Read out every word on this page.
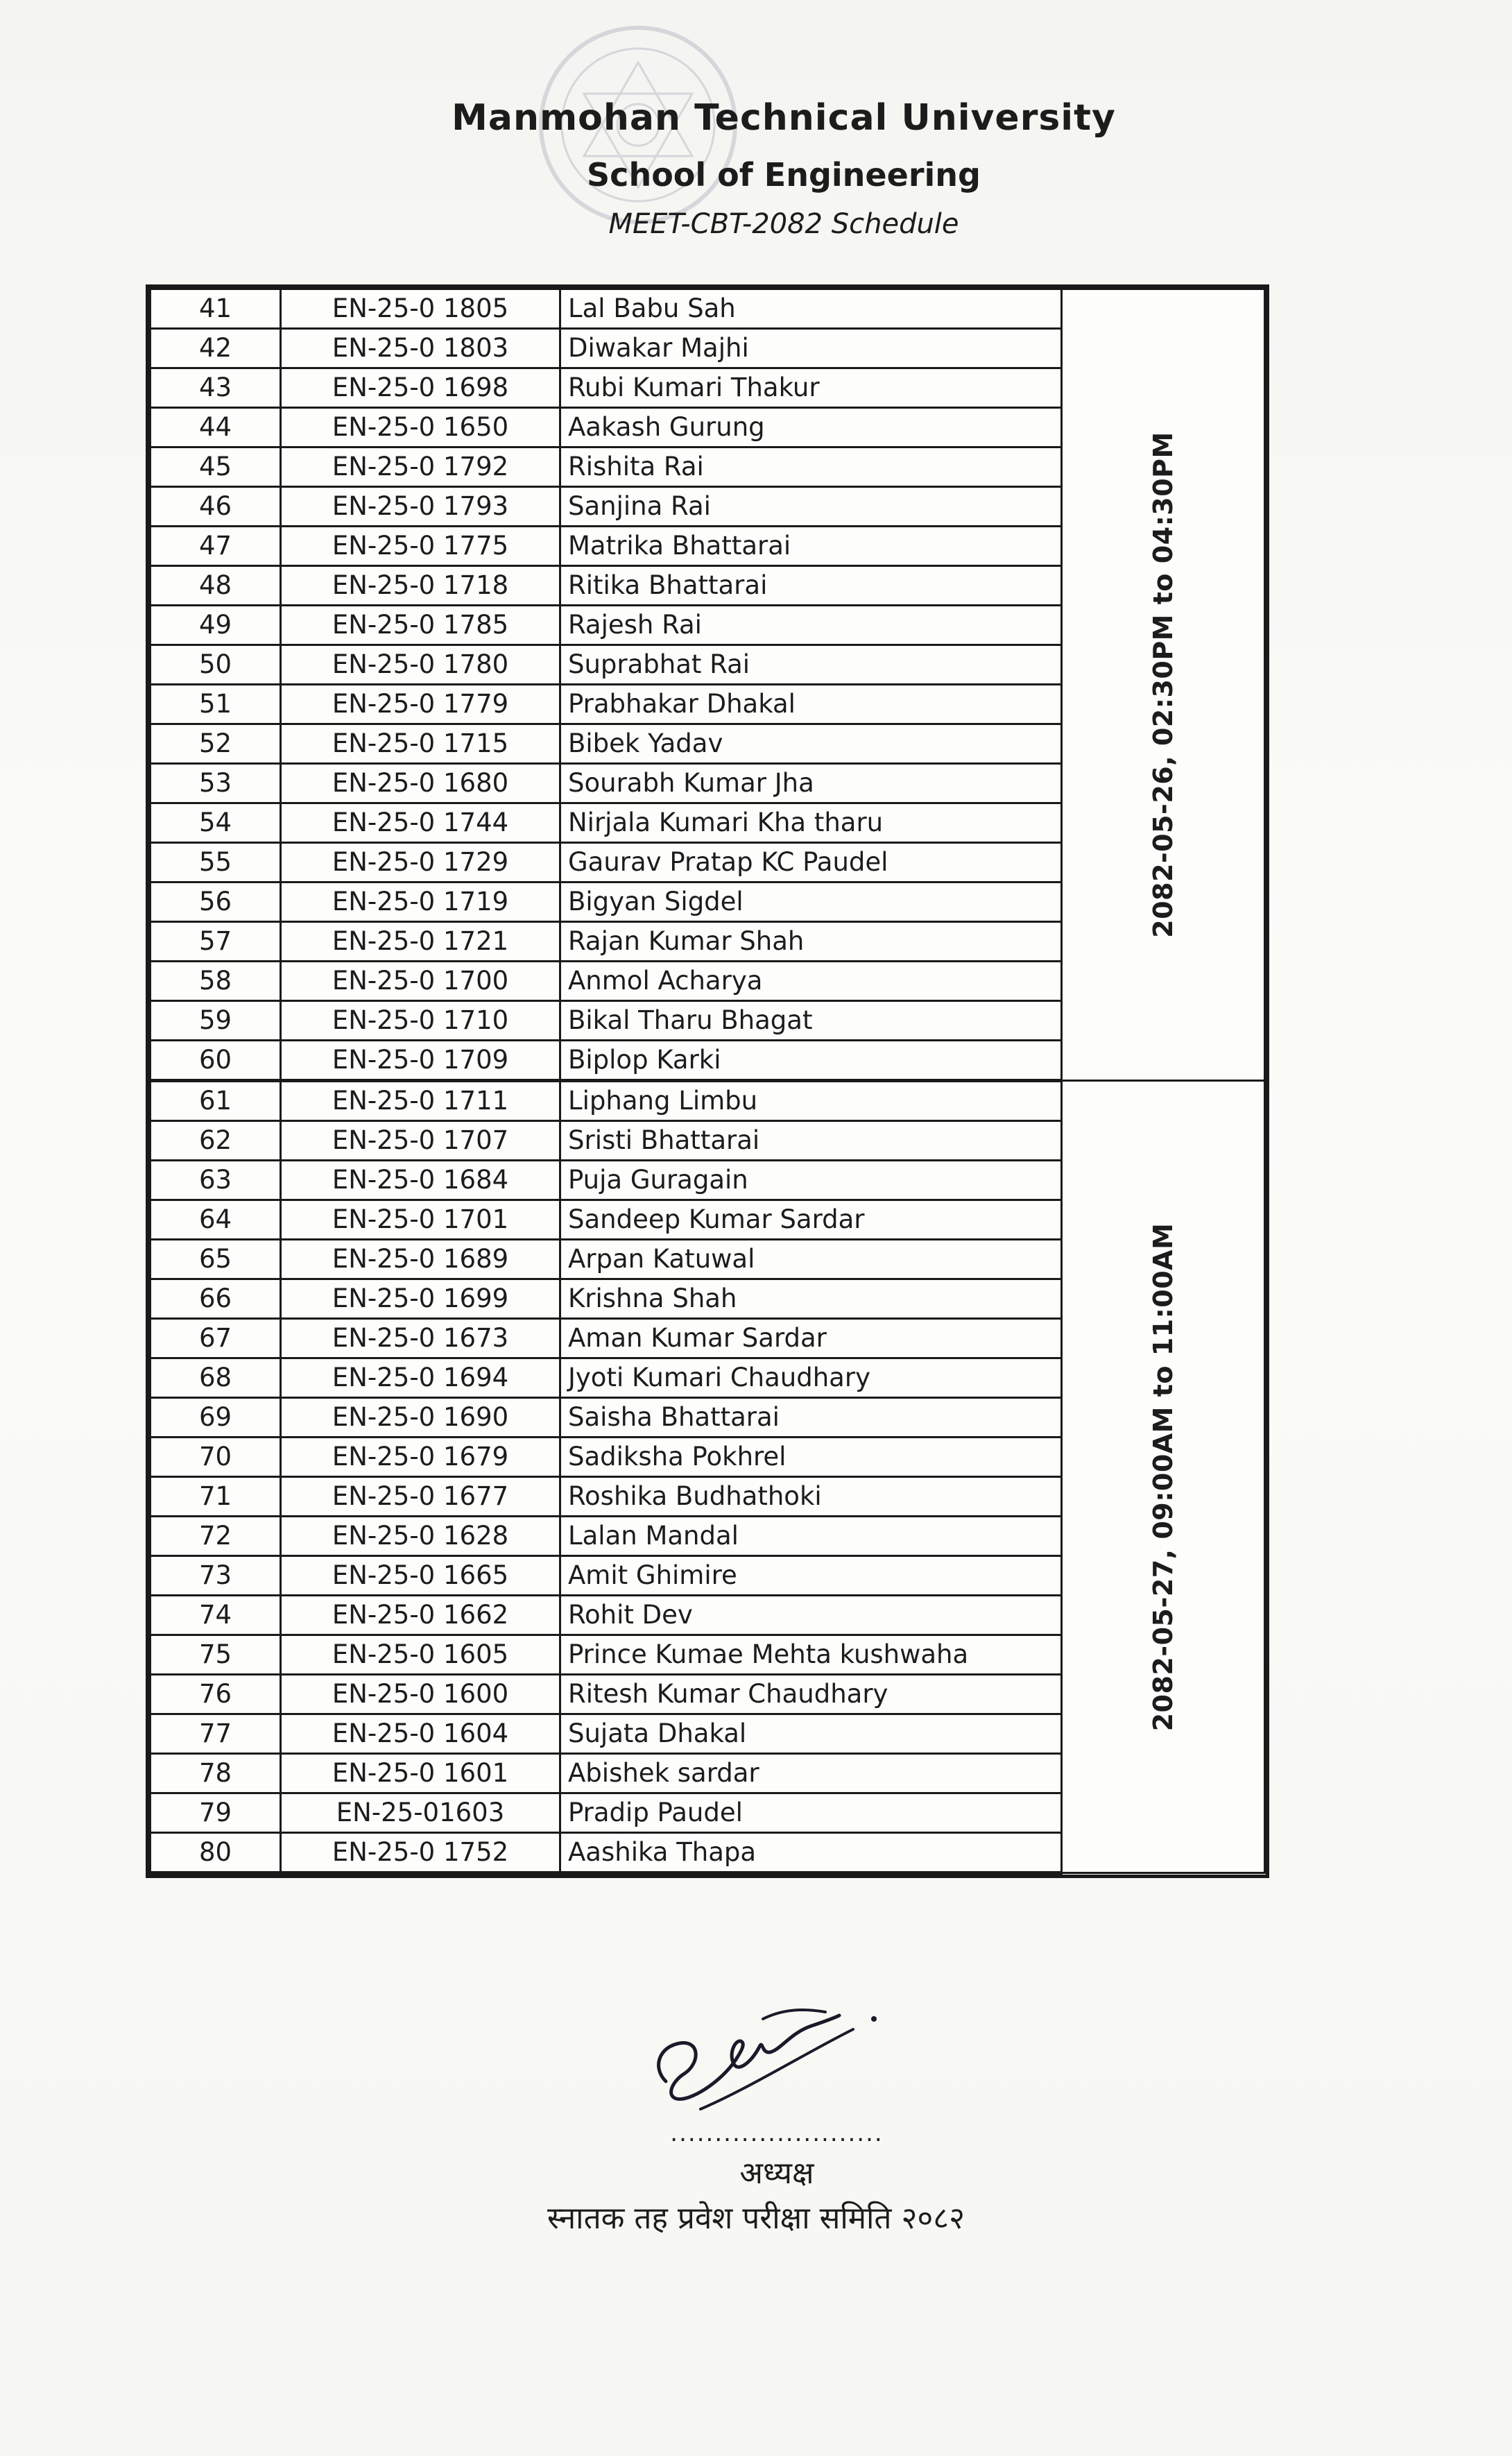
Manmohan Technical University
School of Engineering
MEET-CBT-2082 Schedule
41	EN-25-0 1805	Lal Babu Sah	2082-05-26, 02:30PM to 04:30PM

42	EN-25-0 1803	Diwakar Majhi	
43	EN-25-0 1698	Rubi Kumari Thakur	
44	EN-25-0 1650	Aakash Gurung	
45	EN-25-0 1792	Rishita Rai	
46	EN-25-0 1793	Sanjina Rai	
47	EN-25-0 1775	Matrika Bhattarai	
48	EN-25-0 1718	Ritika Bhattarai	
49	EN-25-0 1785	Rajesh Rai	
50	EN-25-0 1780	Suprabhat Rai	
51	EN-25-0 1779	Prabhakar Dhakal	
52	EN-25-0 1715	Bibek Yadav	
53	EN-25-0 1680	Sourabh Kumar Jha	
54	EN-25-0 1744	Nirjala Kumari Kha tharu	
55	EN-25-0 1729	Gaurav Pratap KC Paudel	
56	EN-25-0 1719	Bigyan Sigdel	
57	EN-25-0 1721	Rajan Kumar Shah	
58	EN-25-0 1700	Anmol Acharya	
59	EN-25-0 1710	Bikal Tharu Bhagat	
60	EN-25-0 1709	Biplop Karki	
61	EN-25-0 1711	Liphang Limbu	2082-05-27, 09:00AM to 11:00AM

62	EN-25-0 1707	Sristi Bhattarai	
63	EN-25-0 1684	Puja Guragain	
64	EN-25-0 1701	Sandeep Kumar Sardar	
65	EN-25-0 1689	Arpan Katuwal	
66	EN-25-0 1699	Krishna Shah	
67	EN-25-0 1673	Aman Kumar Sardar	
68	EN-25-0 1694	Jyoti Kumari Chaudhary	
69	EN-25-0 1690	Saisha Bhattarai	
70	EN-25-0 1679	Sadiksha Pokhrel	
71	EN-25-0 1677	Roshika Budhathoki	
72	EN-25-0 1628	Lalan Mandal	
73	EN-25-0 1665	Amit Ghimire	
74	EN-25-0 1662	Rohit Dev	
75	EN-25-0 1605	Prince Kumae Mehta kushwaha	
76	EN-25-0 1600	Ritesh Kumar Chaudhary	
77	EN-25-0 1604	Sujata Dhakal	
78	EN-25-0 1601	Abishek sardar	
79	EN-25-01603	Pradip Paudel	
80	EN-25-0 1752	Aashika Thapa	
........................
अध्यक्ष
स्नातक तह प्रवेश परीक्षा समिति २०८२
